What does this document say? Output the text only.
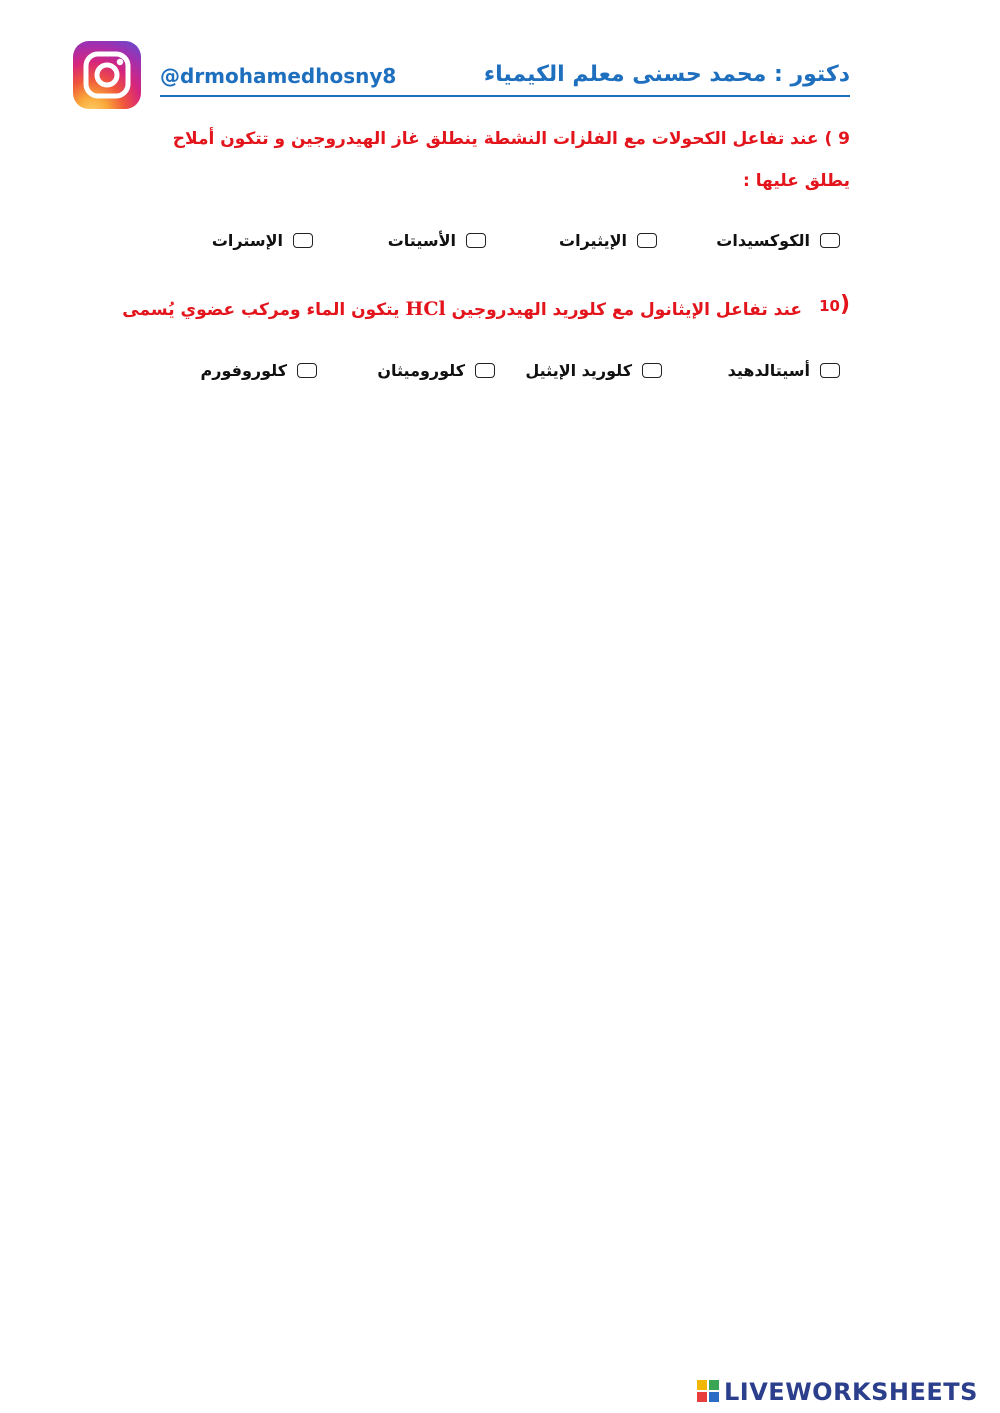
@drmohamedhosny8	دكتور : محمد حسنى معلم الكيمياء
9 ) عند تفاعل الكحولات مع الفلزات النشطة ينطلق غاز الهيدروجين و تتكون أملاح
يطلق عليها :
الكوكسيدات
الإيثيرات
الأسيتات
الإسترات
10)
عند تفاعل الإيثانول مع كلوريد الهيدروجين HCl يتكون الماء ومركب عضوي يُسمى
أسيتالدهيد
كلوريد الإيثيل
كلوروميثان
كلوروفورم
LIVEWORKSHEETS
